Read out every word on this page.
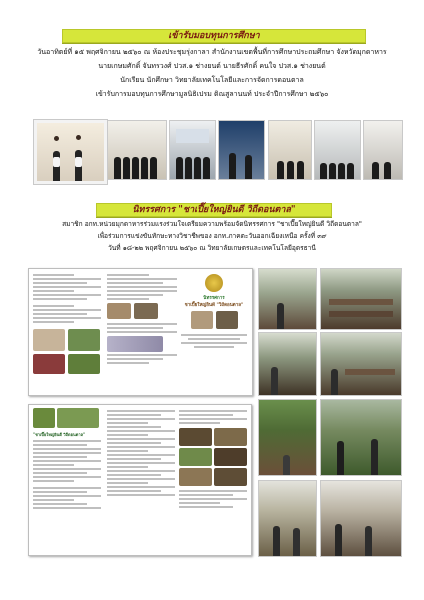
เข้ารับมอบทุนการศึกษา
วันอาทิตย์ที่ ๑๕ พฤศจิกายน ๒๕๖๐ ณ ห้องประชุมรุ่งกาลา สำนักงานเขตพื้นที่การศึกษาประถมศึกษา จังหวัดมุกดาหาร
นายเกษมศักดิ์ จันทรวงศ์ ปวส.๑ ช่างยนต์ นายธีรศักดิ์ คนใจ ปวส.๑ ช่างยนต์
นักเรียน นักศึกษา วิทยาลัยเทคโนโลยีและการจัดการดอนตาล
เข้ารับการมอบทุนการศึกษามูลนิธิเปรม ติณสูลานนท์ ประจำปีการศึกษา ๒๕๖๐
นิทรรศการ "ชาเปี๊ยใหญ่ยินดี วิถีดอนตาล"
สมาชิก อกท.หน่วยมุกดาหารร่วมแรงร่วมใจเตรียมความพร้อมจัดนิทรรศการ "ชาเปี๊ยใหญ่ยินดี วิถีดอนตาล"
เพื่อร่วมการแข่งขันทักษะทางวิชาชีพของ อกท.ภาคตะวันออกเฉียงเหนือ ครั้งที่ ๓๙
วันที่ ๑๘-๒๒ พฤศจิกายน ๒๕๖๐ ณ วิทยาลัยเกษตรและเทคโนโลยีอุดรธานี
นิทรรศการ
ชาเปี๊ยใหญ่ยินดี "วิถีดอนตาล"
"ชาเปี๊ยใหญ่ยินดี วิถีดอนตาล"
